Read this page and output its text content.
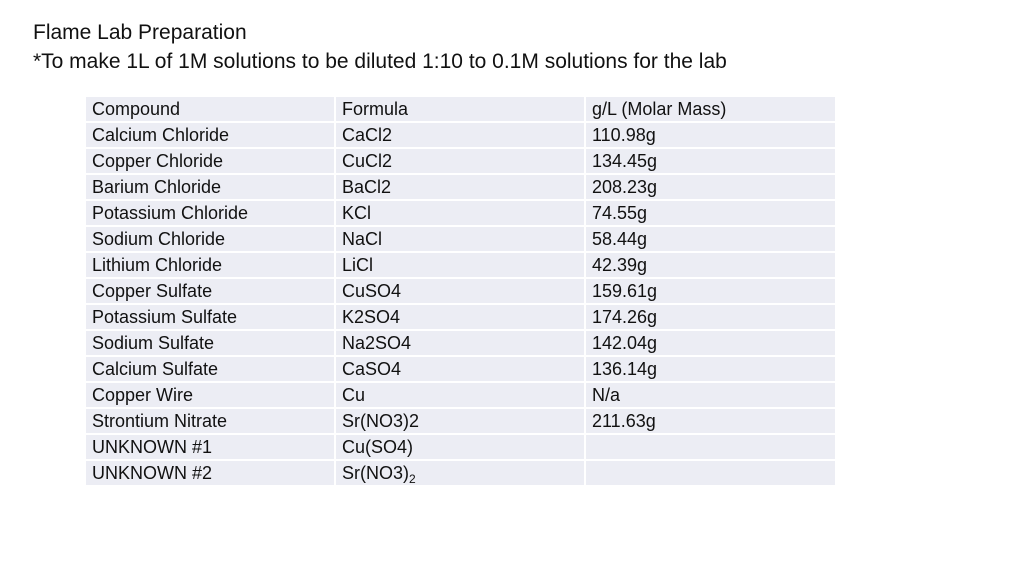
Flame Lab Preparation
*To make 1L of 1M solutions to be diluted 1:10 to 0.1M solutions for the lab
Compound	Formula	g/L (Molar Mass)
Calcium Chloride	CaCl2	110.98g
Copper Chloride	CuCl2	134.45g
Barium Chloride	BaCl2	208.23g
Potassium Chloride	KCl	74.55g
Sodium Chloride	NaCl	58.44g
Lithium Chloride	LiCl	42.39g
Copper Sulfate	CuSO4	159.61g
Potassium Sulfate	K2SO4	174.26g
Sodium Sulfate	Na2SO4	142.04g
Calcium Sulfate	CaSO4	136.14g
Copper Wire	Cu	N/a
Strontium Nitrate	Sr(NO3)2	211.63g
UNKNOWN #1	Cu(SO4)	
UNKNOWN #2	$Sr(NO3)_2$	
